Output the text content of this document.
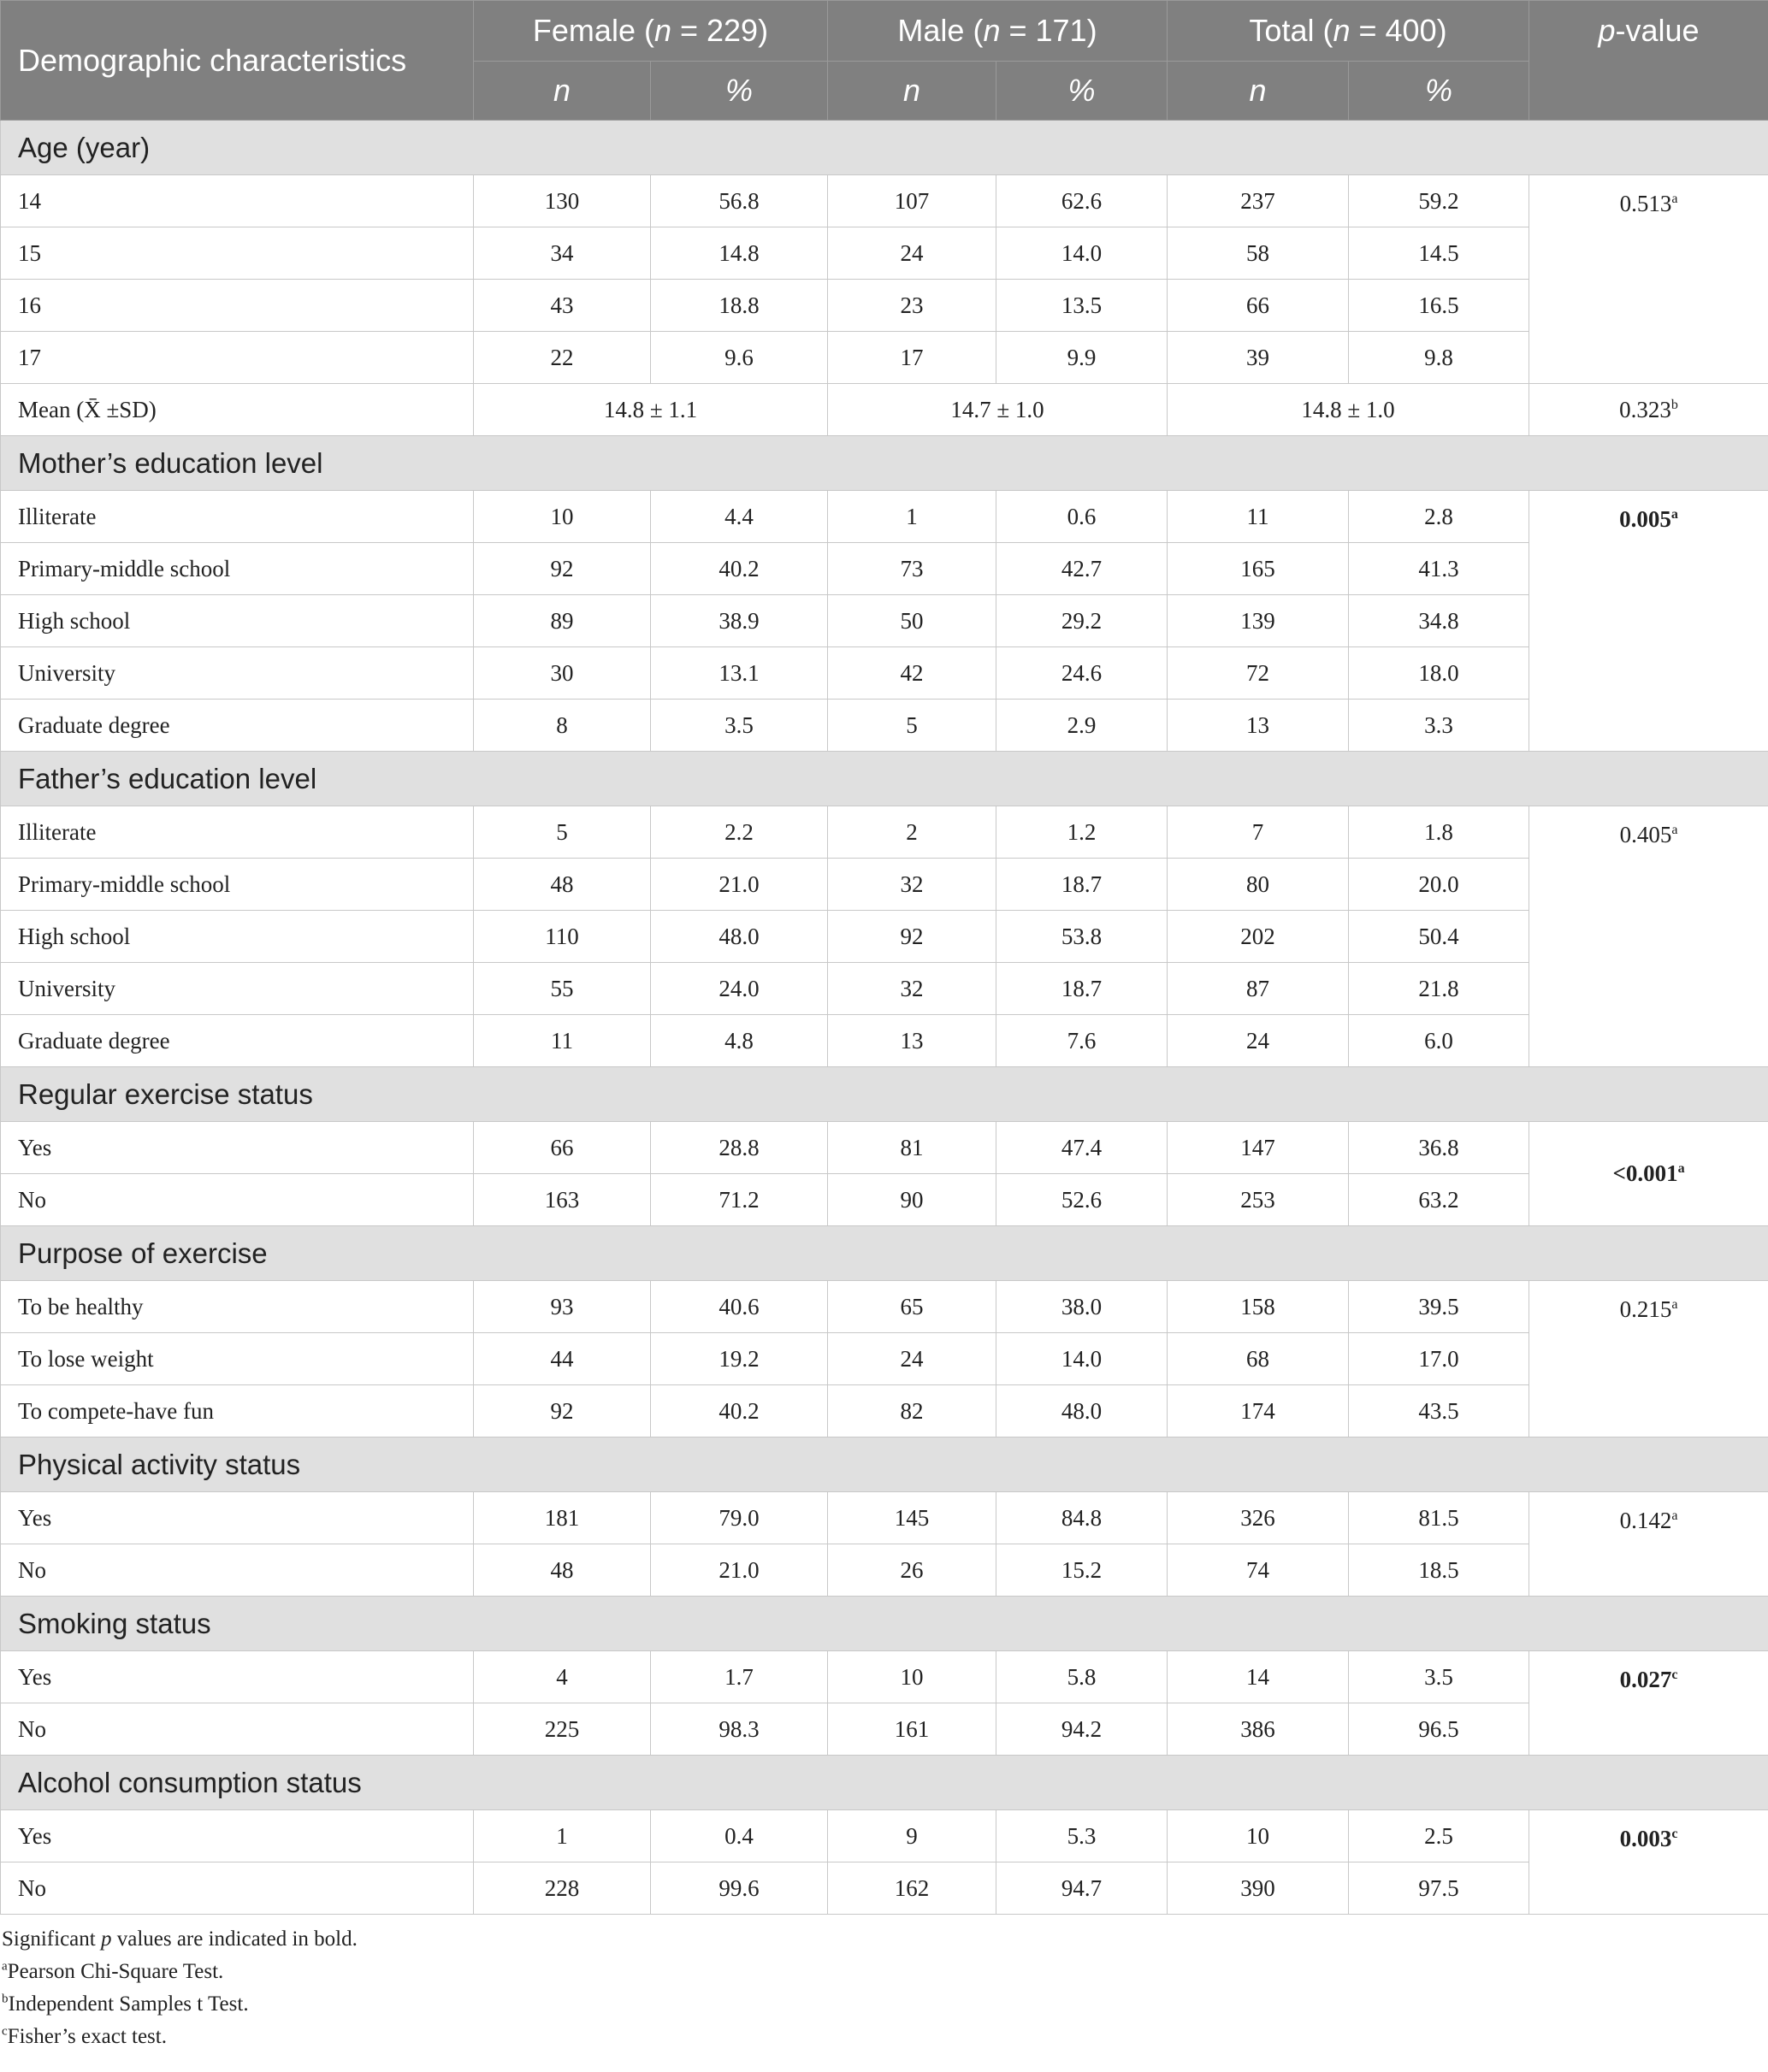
Demographic characteristics	Female (n = 229)		Male (n = 171)		Total (n = 400)		p-value
	n	%	n	%	n	%	
Age (year)							
14	130	56.8	107	62.6	237	59.2	0.513$^a$
15	34	14.8	24	14.0	58	14.5	
16	43	18.8	23	13.5	66	16.5	
17	22	9.6	17	9.9	39	9.8	
Mean (X̄ ±SD)	14.8 ± 1.1		14.7 ± 1.0		14.8 ± 1.0		0.323$^b$
Mother’s education level							
Illiterate	10	4.4	1	0.6	11	2.8	0.005$^a$
Primary-middle school	92	40.2	73	42.7	165	41.3	
High school	89	38.9	50	29.2	139	34.8	
University	30	13.1	42	24.6	72	18.0	
Graduate degree	8	3.5	5	2.9	13	3.3	
Father’s education level							
Illiterate	5	2.2	2	1.2	7	1.8	0.405$^a$
Primary-middle school	48	21.0	32	18.7	80	20.0	
High school	110	48.0	92	53.8	202	50.4	
University	55	24.0	32	18.7	87	21.8	
Graduate degree	11	4.8	13	7.6	24	6.0	
Regular exercise status							
Yes	66	28.8	81	47.4	147	36.8	<0.001$^a$
No	163	71.2	90	52.6	253	63.2	
Purpose of exercise							
To be healthy	93	40.6	65	38.0	158	39.5	0.215$^a$
To lose weight	44	19.2	24	14.0	68	17.0	
To compete-have fun	92	40.2	82	48.0	174	43.5	
Physical activity status							
Yes	181	79.0	145	84.8	326	81.5	0.142$^a$
No	48	21.0	26	15.2	74	18.5	
Smoking status							
Yes	4	1.7	10	5.8	14	3.5	0.027$^c$
No	225	98.3	161	94.2	386	96.5	
Alcohol consumption status							
Yes	1	0.4	9	5.3	10	2.5	0.003$^c$
No	228	99.6	162	94.7	390	97.5	
Significant p values are indicated in bold.
$^a$Pearson Chi-Square Test.
$^b$Independent Samples t Test.
$^c$Fisher’s exact test.
